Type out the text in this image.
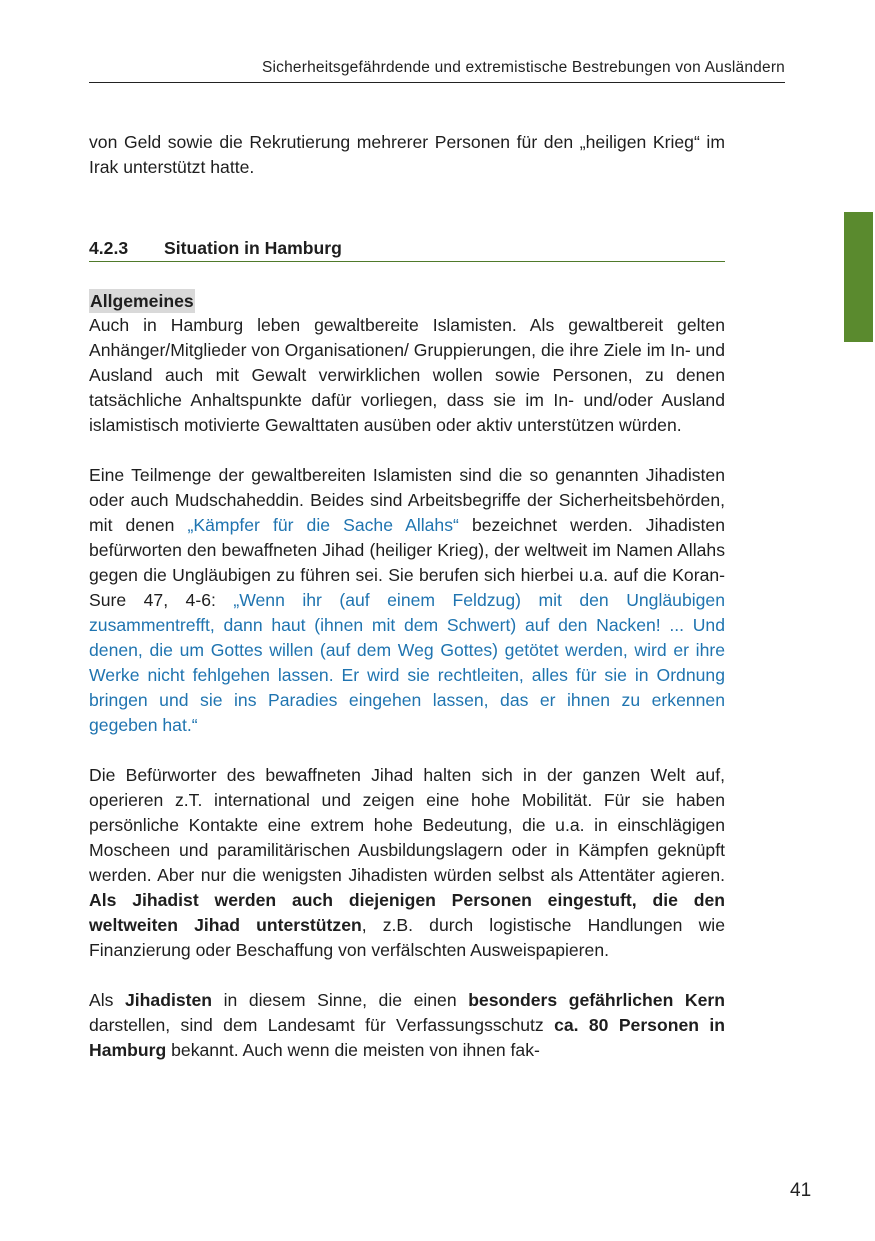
Sicherheitsgefährdende und extremistische Bestrebungen von Ausländern

von Geld sowie die Rekrutierung mehrerer Personen für den „heiligen Krieg“ im Irak unterstützt hatte.

4.2.3	Situation in Hamburg
Allgemeines

Auch in Hamburg leben gewaltbereite Islamisten. Als gewaltbereit gelten Anhänger/Mitglieder von Organisationen/ Gruppierungen, die ihre Ziele im In- und Ausland auch mit Gewalt verwirklichen wollen sowie Personen, zu denen tatsächliche Anhaltspunkte dafür vorliegen, dass sie im In- und/oder Ausland islamistisch motivierte Gewalttaten ausüben oder aktiv unterstützen würden.

Eine Teilmenge der gewaltbereiten Islamisten sind die so genannten Jihadisten oder auch Mudschaheddin. Beides sind Arbeitsbegriffe der Sicherheitsbehörden, mit denen „Kämpfer für die Sache Allahs“ bezeichnet werden. Jihadisten befürworten den bewaffneten Jihad (heiliger Krieg), der weltweit im Namen Allahs gegen die Ungläubigen zu führen sei. Sie berufen sich hierbei u.a. auf die Koran-Sure 47, 4-6: „Wenn ihr (auf einem Feldzug) mit den Ungläubigen zusammentrefft, dann haut (ihnen mit dem Schwert) auf den Nacken! ... Und denen, die um Gottes willen (auf dem Weg Gottes) getötet werden, wird er ihre Werke nicht fehlgehen lassen. Er wird sie rechtleiten, alles für sie in Ordnung bringen und sie ins Paradies eingehen lassen, das er ihnen zu erkennen gegeben hat.“

Die Befürworter des bewaffneten Jihad halten sich in der ganzen Welt auf, operieren z.T. international und zeigen eine hohe Mobilität. Für sie haben persönliche Kontakte eine extrem hohe Bedeutung, die u.a. in einschlägigen Moscheen und paramilitärischen Ausbildungslagern oder in Kämpfen geknüpft werden. Aber nur die wenigsten Jihadisten würden selbst als Attentäter agieren. Als Jihadist werden auch diejenigen Personen eingestuft, die den weltweiten Jihad unterstützen, z.B. durch logistische Handlungen wie Finanzierung oder Beschaffung von verfälschten Ausweispapieren.

Als Jihadisten in diesem Sinne, die einen besonders gefährlichen Kern darstellen, sind dem Landesamt für Verfassungsschutz ca. 80 Personen in Hamburg bekannt. Auch wenn die meisten von ihnen fak-

41
